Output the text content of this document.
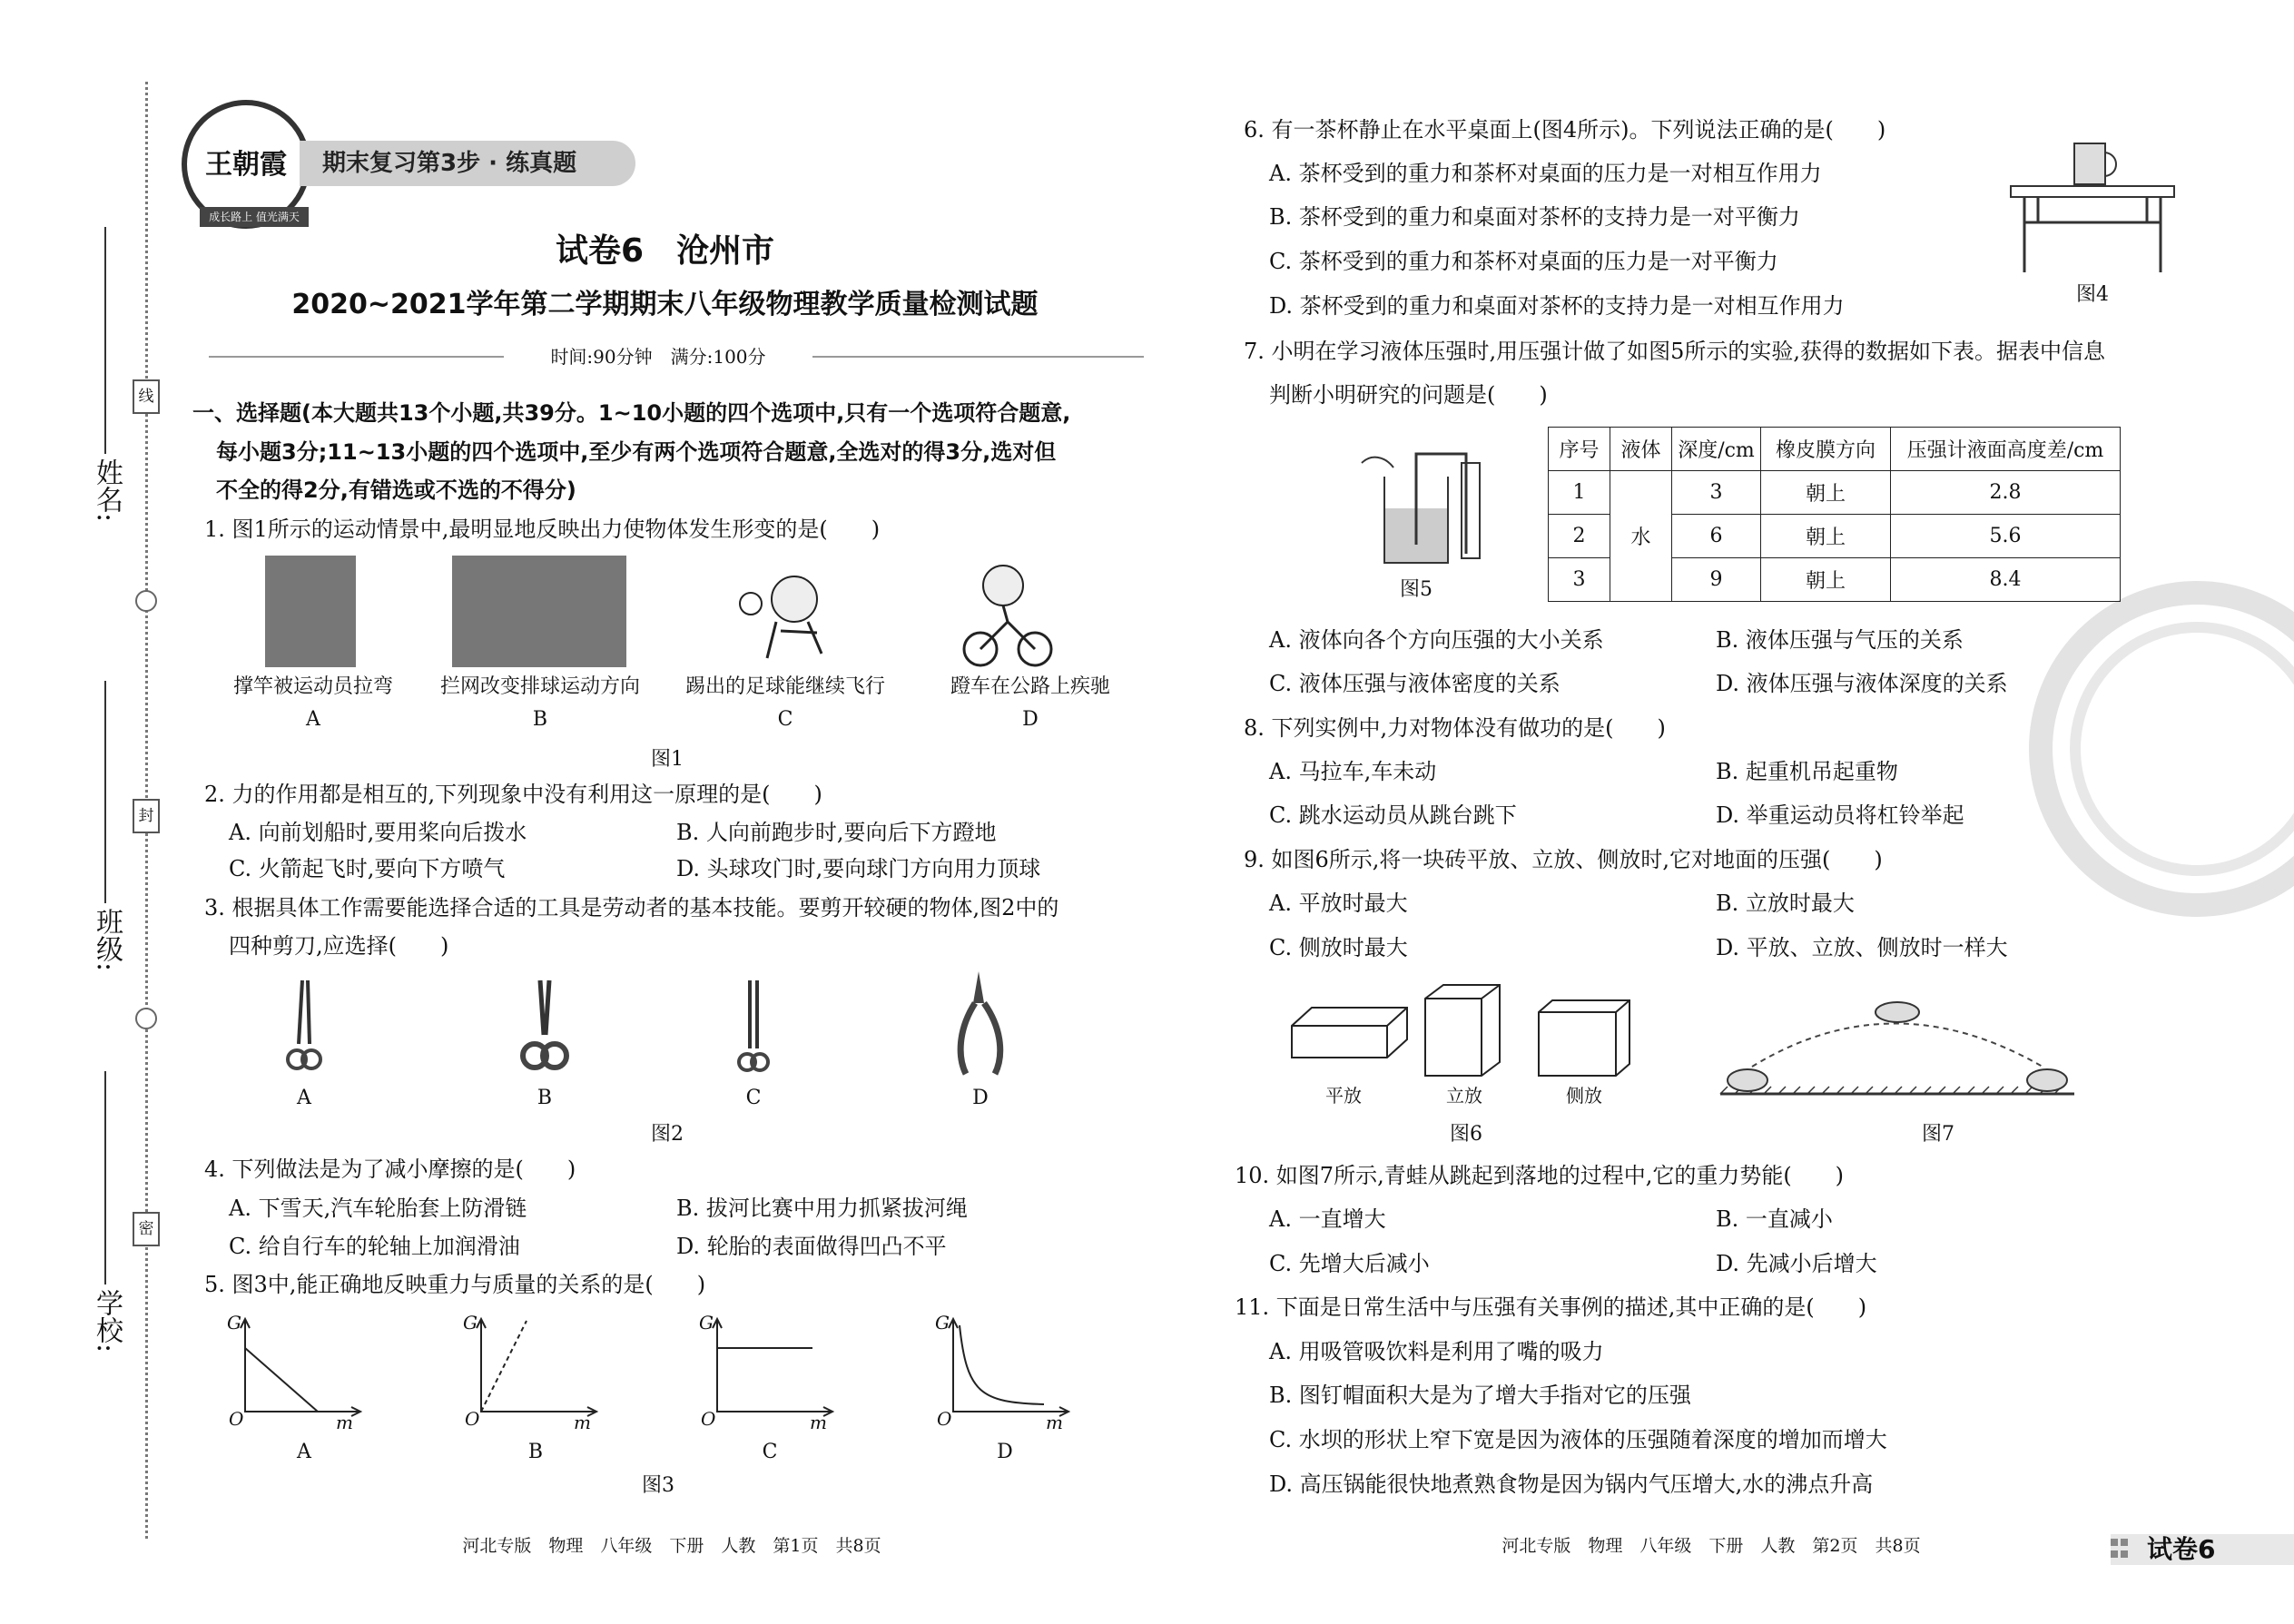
姓名:
班级:
学校:
线
封
密
王朝霞
成长路上 值光满天
期末复习第3步 · 练真题
试卷6　沧州市
2020~2021学年第二学期期末八年级物理教学质量检测试题
时间:90分钟　满分:100分
一、选择题(本大题共13个小题,共39分。1~10小题的四个选项中,只有一个选项符合题意,
每小题3分;11~13小题的四个选项中,至少有两个选项符合题意,全选对的得3分,选对但
不全的得2分,有错选或不选的不得分)
1. 图1所示的运动情景中,最明显地反映出力使物体发生形变的是(　　)
撑竿被运动员拉弯	拦网改变排球运动方向	踢出的足球能继续飞行	蹬车在公路上疾驰
A	B	C	D
图1
2. 力的作用都是相互的,下列现象中没有利用这一原理的是(　　)
A. 向前划船时,要用桨向后拨水	B. 人向前跑步时,要向后下方蹬地
C. 火箭起飞时,要向下方喷气	D. 头球攻门时,要向球门方向用力顶球
3. 根据具体工作需要能选择合适的工具是劳动者的基本技能。要剪开较硬的物体,图2中的
四种剪刀,应选择(　　)
A	B	C	D
图2
4. 下列做法是为了减小摩擦的是(　　)
A. 下雪天,汽车轮胎套上防滑链	B. 拔河比赛中用力抓紧拔河绳
C. 给自行车的轮轴上加润滑油	D. 轮胎的表面做得凹凸不平
5. 图3中,能正确地反映重力与质量的关系的是(　　)
G
O	m
G
O	m
G
O	m
G
O	m
A	B	C	D
图3
河北专版　物理　八年级　下册　人教　第1页　共8页	河北专版　物理　八年级　下册　人教　第2页　共8页	试卷6
6. 有一茶杯静止在水平桌面上(图4所示)。下列说法正确的是(　　)
A. 茶杯受到的重力和茶杯对桌面的压力是一对相互作用力
B. 茶杯受到的重力和桌面对茶杯的支持力是一对平衡力
C. 茶杯受到的重力和茶杯对桌面的压力是一对平衡力
D. 茶杯受到的重力和桌面对茶杯的支持力是一对相互作用力	图4
7. 小明在学习液体压强时,用压强计做了如图5所示的实验,获得的数据如下表。据表中信息
判断小明研究的问题是(　　)
图5
序号	液体	深度/cm	橡皮膜方向	压强计液面高度差/cm
1	水	3	朝上	2.8
2		6	朝上	5.6
3		9	朝上	8.4
A. 液体向各个方向压强的大小关系	B. 液体压强与气压的关系
C. 液体压强与液体密度的关系	D. 液体压强与液体深度的关系
8. 下列实例中,力对物体没有做功的是(　　)
A. 马拉车,车未动	B. 起重机吊起重物
C. 跳水运动员从跳台跳下	D. 举重运动员将杠铃举起
9. 如图6所示,将一块砖平放、立放、侧放时,它对地面的压强(　　)
A. 平放时最大	B. 立放时最大
C. 侧放时最大	D. 平放、立放、侧放时一样大
平放	立放	侧放
图6	图7
10. 如图7所示,青蛙从跳起到落地的过程中,它的重力势能(　　)
A. 一直增大	B. 一直减小
C. 先增大后减小	D. 先减小后增大
11. 下面是日常生活中与压强有关事例的描述,其中正确的是(　　)
A. 用吸管吸饮料是利用了嘴的吸力
B. 图钉帽面积大是为了增大手指对它的压强
C. 水坝的形状上窄下宽是因为液体的压强随着深度的增加而增大
D. 高压锅能很快地煮熟食物是因为锅内气压增大,水的沸点升高
